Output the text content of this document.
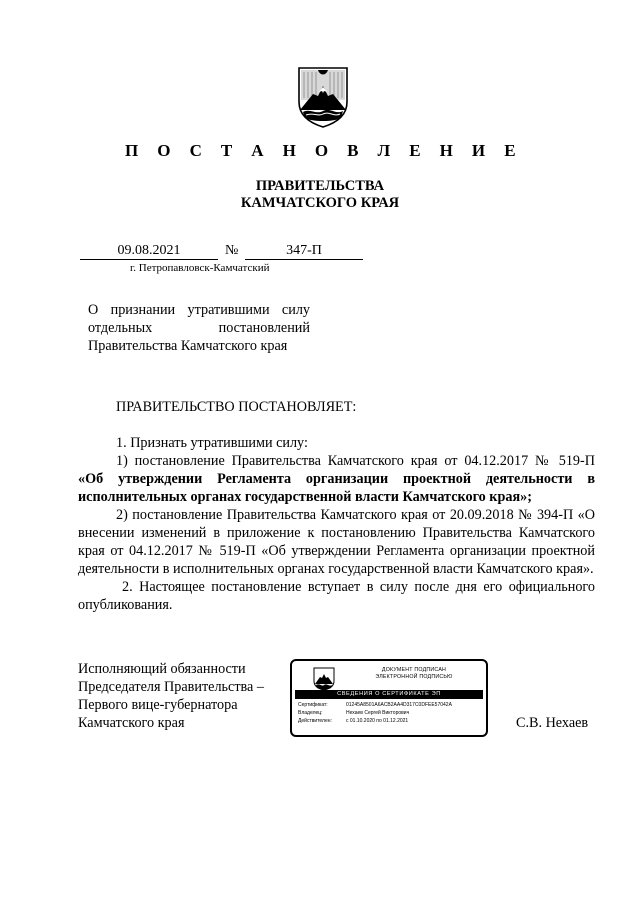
П О С Т А Н О В Л Е Н И Е
ПРАВИТЕЛЬСТВА
КАМЧАТСКОГО КРАЯ
09.08.2021	№	347-П
г. Петропавловск-Камчатский
О признании утратившими силу
отдельных постановлений
Правительства Камчатского края
ПРАВИТЕЛЬСТВО ПОСТАНОВЛЯЕТ:

1. Признать утратившими силу:

1) постановление Правительства Камчатского края от 04.12.2017 № 519-П

«Об утверждении Регламента организации проектной деятельности в исполнительных органах государственной власти Камчатского края»;

2) постановление Правительства Камчатского края от 20.09.2018 № 394-П «О внесении изменений в приложение к постановлению Правительства Камчатского края от 04.12.2017 № 519-П «Об утверждении Регламента организации проектной деятельности в исполнительных органах государственной власти Камчатского края».

2. Настоящее постановление вступает в силу после дня его официального опубликования.

Исполняющий обязанности
Председателя Правительства –
Первого вице-губернатора
Камчатского края
ДОКУМЕНТ ПОДПИСАН
ЭЛЕКТРОННОЙ ПОДПИСЬЮ
СВЕДЕНИЯ О СЕРТИФИКАТЕ ЭП
Сертификат:	01245A8501A6ACB2AA4D317C0DFEE57042A
Владелец:	Нехаев Сергей Викторович
Действителен:	с 01.10.2020 по 01.12.2021	С.В. Нехаев
